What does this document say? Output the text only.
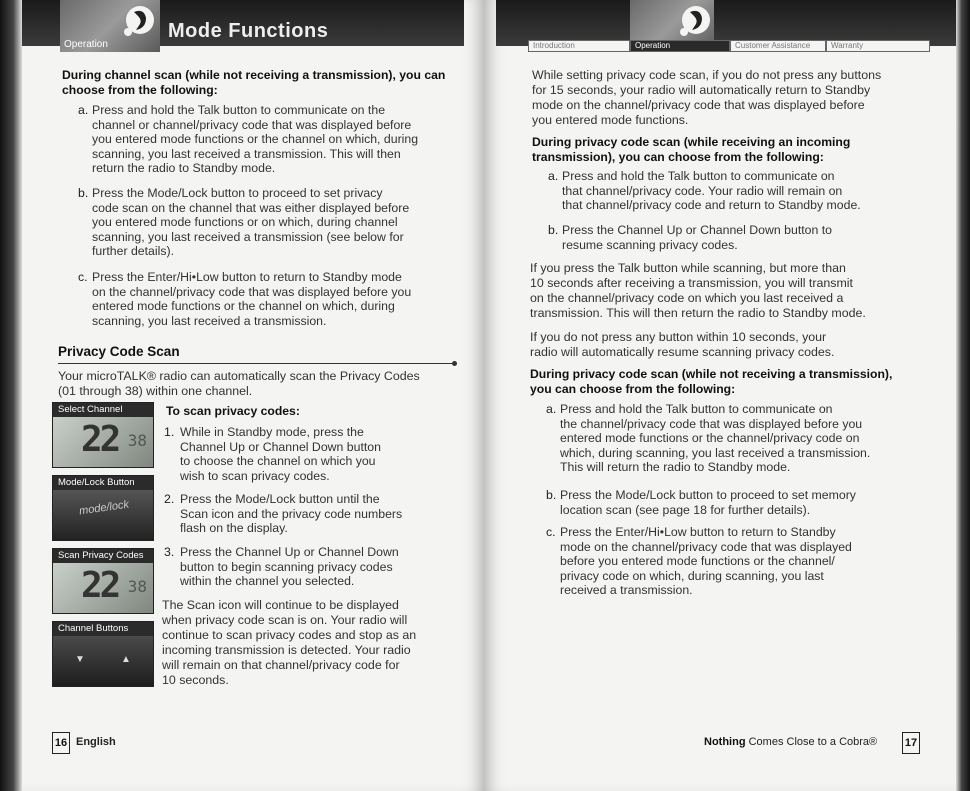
Operation
Mode Functions
During channel scan (while not receiving a transmission), you can choose from the following:
a. Press and hold the Talk button to communicate on the
channel or channel/privacy code that was displayed before
you entered mode functions or the channel on which, during
scanning, you last received a transmission. This will then
return the radio to Standby mode.
b. Press the Mode/Lock button to proceed to set privacy
code scan on the channel that was either displayed before
you entered mode functions or on which, during channel
scanning, you last received a transmission (see below for
further details).
c. Press the Enter/Hi•Low button to return to Standby mode
on the channel/privacy code that was displayed before you
entered mode functions or the channel on which, during
scanning, you last received a transmission.
Privacy Code Scan
Your microTALK® radio can automatically scan the Privacy Codes
(01 through 38) within one channel.
Select Channel
22 38
Mode/Lock Button
mode/lock
Scan Privacy Codes
22 38
Channel Buttons
▼	▲
To scan privacy codes:
1. While in Standby mode, press the
Channel Up or Channel Down button
to choose the channel on which you
wish to scan privacy codes.
2. Press the Mode/Lock button until the
Scan icon and the privacy code numbers
flash on the display.
3. Press the Channel Up or Channel Down
button to begin scanning privacy codes
within the channel you selected.
The Scan icon will continue to be displayed
when privacy code scan is on. Your radio will
continue to scan privacy codes and stop as an
incoming transmission is detected. Your radio
will remain on that channel/privacy code for
10 seconds.
16 English
Introduction	Operation	Customer Assistance	Warranty
While setting privacy code scan, if you do not press any buttons
for 15 seconds, your radio will automatically return to Standby
mode on the channel/privacy code that was displayed before
you entered mode functions.
During privacy code scan (while receiving an incoming
transmission), you can choose from the following:
a. Press and hold the Talk button to communicate on
that channel/privacy code. Your radio will remain on
that channel/privacy code and return to Standby mode.
b. Press the Channel Up or Channel Down button to
resume scanning privacy codes.
If you press the Talk button while scanning, but more than
10 seconds after receiving a transmission, you will transmit
on the channel/privacy code on which you last received a
transmission. This will then return the radio to Standby mode.
If you do not press any button within 10 seconds, your
radio will automatically resume scanning privacy codes.
During privacy code scan (while not receiving a transmission),
you can choose from the following:
a. Press and hold the Talk button to communicate on
the channel/privacy code that was displayed before you
entered mode functions or the channel/privacy code on
which, during scanning, you last received a transmission.
This will return the radio to Standby mode.
b. Press the Mode/Lock button to proceed to set memory
location scan (see page 18 for further details).
c. Press the Enter/Hi•Low button to return to Standby
mode on the channel/privacy code that was displayed
before you entered mode functions or the channel/
privacy code on which, during scanning, you last
received a transmission.
Nothing Comes Close to a Cobra®	17
